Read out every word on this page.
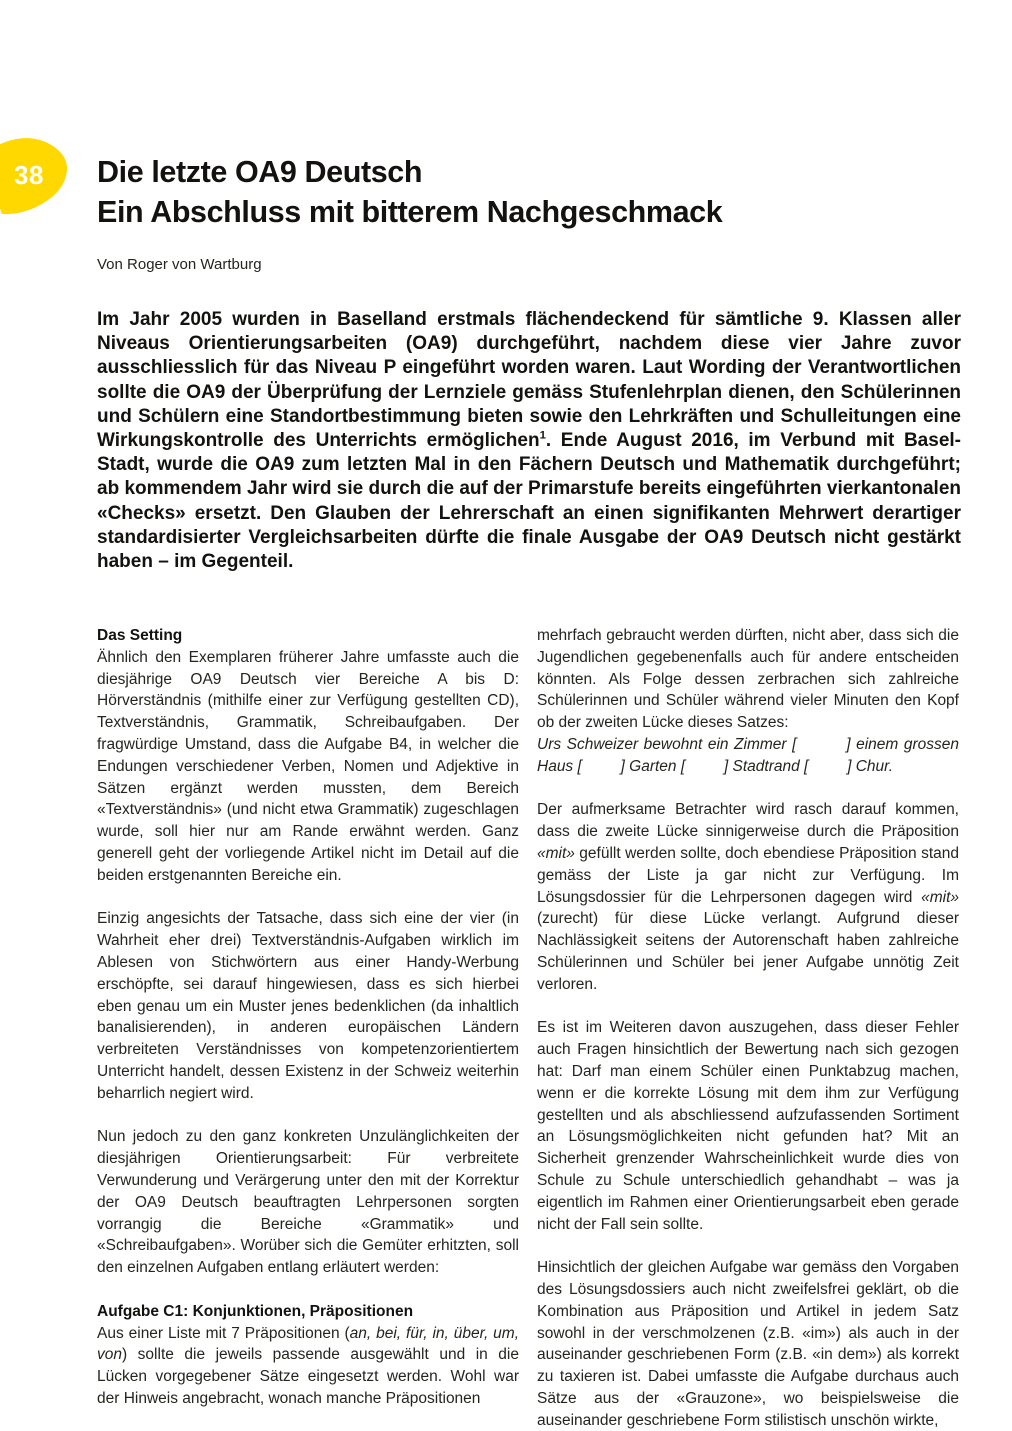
38	Die letzte OA9 Deutsch
Ein Abschluss mit bitterem Nachgeschmack
Von Roger von Wartburg

Im Jahr 2005 wurden in Baselland erstmals flächendeckend für sämtliche 9. Klassen aller Niveaus Orientierungsarbeiten (OA9) durchgeführt, nachdem diese vier Jahre zuvor ausschliesslich für das Niveau P eingeführt worden waren. Laut Wording der Verantwortlichen sollte die OA9 der Überprüfung der Lernziele gemäss Stufenlehrplan dienen, den Schülerinnen und Schülern eine Standortbestimmung bieten sowie den Lehrkräften und Schulleitungen eine Wirkungskontrolle des Unterrichts ermöglichen$^1$. Ende August 2016, im Verbund mit Basel-Stadt, wurde die OA9 zum letzten Mal in den Fächern Deutsch und Mathematik durchgeführt; ab kommendem Jahr wird sie durch die auf der Primarstufe bereits eingeführten vierkantonalen «Checks» ersetzt. Den Glauben der Lehrerschaft an einen signifikanten Mehrwert derartiger standardisierter Vergleichsarbeiten dürfte die finale Ausgabe der OA9 Deutsch nicht gestärkt haben – im Gegenteil.

Das Setting

Ähnlich den Exemplaren früherer Jahre umfasste auch die diesjährige OA9 Deutsch vier Bereiche A bis D: Hörverständnis (mithilfe einer zur Verfügung gestellten CD), Textverständnis, Grammatik, Schreibaufgaben. Der fragwürdige Umstand, dass die Aufgabe B4, in welcher die Endungen verschiedener Verben, Nomen und Adjektive in Sätzen ergänzt werden mussten, dem Bereich «Textverständnis» (und nicht etwa Grammatik) zugeschlagen wurde, soll hier nur am Rande erwähnt werden. Ganz generell geht der vorliegende Artikel nicht im Detail auf die beiden erstgenannten Bereiche ein.

Einzig angesichts der Tatsache, dass sich eine der vier (in Wahrheit eher drei) Textverständnis-Aufgaben wirklich im Ablesen von Stichwörtern aus einer Handy-Werbung erschöpfte, sei darauf hingewiesen, dass es sich hierbei eben genau um ein Muster jenes bedenklichen (da inhaltlich banalisierenden), in anderen europäischen Ländern verbreiteten Verständnisses von kompetenzorientiertem Unterricht handelt, dessen Existenz in der Schweiz weiterhin beharrlich negiert wird.

Nun jedoch zu den ganz konkreten Unzulänglichkeiten der diesjährigen Orientierungsarbeit: Für verbreitete Verwunderung und Verärgerung unter den mit der Korrektur der OA9 Deutsch beauftragten Lehrpersonen sorgten vorrangig die Bereiche «Grammatik» und «Schreibaufgaben». Worüber sich die Gemüter erhitzten, soll den einzelnen Aufgaben entlang erläutert werden:

Aufgabe C1: Konjunktionen, Präpositionen

Aus einer Liste mit 7 Präpositionen (an, bei, für, in, über, um, von) sollte die jeweils passende ausgewählt und in die Lücken vorgegebener Sätze eingesetzt werden. Wohl war der Hinweis angebracht, wonach manche Präpositionen

mehrfach gebraucht werden dürften, nicht aber, dass sich die Jugendlichen gegebenenfalls auch für andere entscheiden könnten. Als Folge dessen zerbrachen sich zahlreiche Schülerinnen und Schüler während vieler Minuten den Kopf ob der zweiten Lücke dieses Satzes:

Urs Schweizer bewohnt ein Zimmer [         ] einem grossen Haus [         ] Garten [         ] Stadtrand [         ] Chur.

Der aufmerksame Betrachter wird rasch darauf kommen, dass die zweite Lücke sinnigerweise durch die Präposition «mit» gefüllt werden sollte, doch ebendiese Präposition stand gemäss der Liste ja gar nicht zur Verfügung. Im Lösungsdossier für die Lehrpersonen dagegen wird «mit» (zurecht) für diese Lücke verlangt. Aufgrund dieser Nachlässigkeit seitens der Autorenschaft haben zahlreiche Schülerinnen und Schüler bei jener Aufgabe unnötig Zeit verloren.

Es ist im Weiteren davon auszugehen, dass dieser Fehler auch Fragen hinsichtlich der Bewertung nach sich gezogen hat: Darf man einem Schüler einen Punktabzug machen, wenn er die korrekte Lösung mit dem ihm zur Verfügung gestellten und als abschliessend aufzufassenden Sortiment an Lösungsmöglichkeiten nicht gefunden hat? Mit an Sicherheit grenzender Wahrscheinlichkeit wurde dies von Schule zu Schule unterschiedlich gehandhabt – was ja eigentlich im Rahmen einer Orientierungsarbeit eben gerade nicht der Fall sein sollte.

Hinsichtlich der gleichen Aufgabe war gemäss den Vorgaben des Lösungsdossiers auch nicht zweifelsfrei geklärt, ob die Kombination aus Präposition und Artikel in jedem Satz sowohl in der verschmolzenen (z.B. «im») als auch in der auseinander geschriebenen Form (z.B. «in dem») als korrekt zu taxieren ist. Dabei umfasste die Aufgabe durchaus auch Sätze aus der «Grauzone», wo beispielsweise die auseinander geschriebene Form stilistisch unschön wirkte,
